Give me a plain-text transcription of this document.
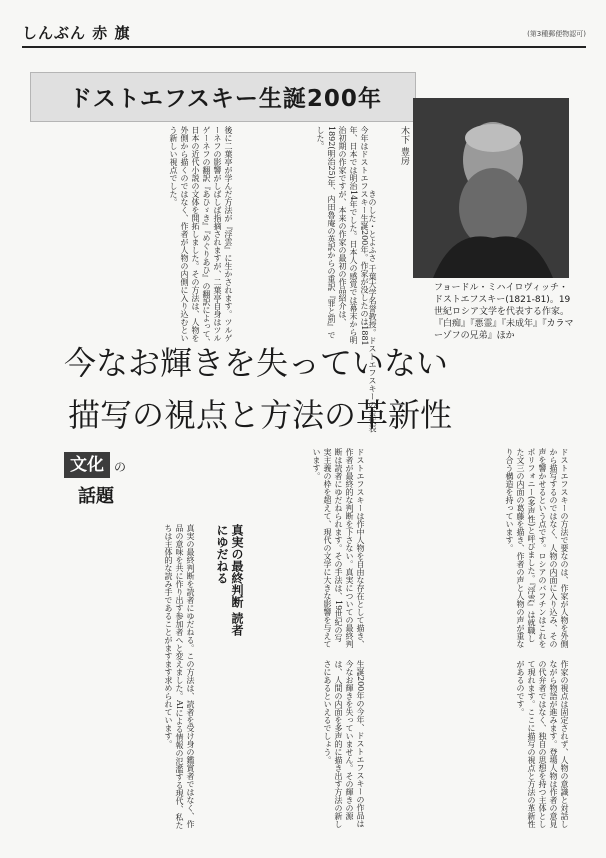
しんぶん 赤 旗	(第3種郵便物認可)
ドストエフスキー生誕200年
フョードル・ミハイロヴィッチ・ドストエフスキー(1821-81)。19世紀ロシア文学を代表する作家。『白痴』『悪霊』『未成年』『カラマーゾフの兄弟』ほか
木下 豊房
きのした・とよふさ 千葉大学名誉教授。ドストエフスキーの会代表
今年はドストエフスキー生誕200年。作家が没したのは1881年、日本では明治14年でした。日本人の感覚では幕末から明治初期の作家ですが、本来の作家の最初の作品紹介は、1892(明治25)年、内田魯庵の英訳からの重訳『罪と罰』でした。
後に二葉亭が学んだ方法が『浮雲』に生かされます。ツルゲーネフの影響がしばしば指摘されますが、二葉亭自身はツルゲーネフの翻訳『あひゞき』『めぐりあひ』の翻訳によって、日本の近代小説の文体を開拓しました。その方法は、人物を外側から描くのではなく、作者が人物の内側に入り込むという新しい視点でした。
今なお輝きを失っていない
描写の視点と方法の革新性
文化 の
話題	ドストエフスキーの方法で要なのは、作家が人物を外側から描写するのではなく、人物の内面に入り込み、その声を響かせるという点です。ロシアのバフチンはこれをポリフォニー(多声性)と呼びました。『浮雲』は就職した文三の内面の葛藤を描き、作者の声と人物の声が重なり合う構造を持っています。
ドストエフスキーは作中人物を自由な存在として描き、作者が最終的な判断を下さない。真実についての最終判断は読者にゆだねられます。その手法は、19世紀の写実主義の枠を超えて、現代の文学に大きな影響を与えています。
真実の最終判断 読者にゆだねる
作家の視点は固定されず、人物の意識と対話しながら物語が進みます。登場人物は作者の意見の代弁者ではなく、独自の思想を持つ主体として現れます。ここに描写の視点と方法の革新性があるのです。
真実の最終判断を読者にゆだねる。この方法は、読者を受け身の鑑賞者ではなく、作品の意味を共に作り出す参加者へと変えました。AIによる情報の氾濫する現代、私たちは主体的な読み手であることがますます求められています。	生誕200年の今年、ドストエフスキーの作品は今なお輝きを失っていません。その輝きの源は、人間の内面を多声的に描き出す方法の新しさにあるといえるでしょう。
